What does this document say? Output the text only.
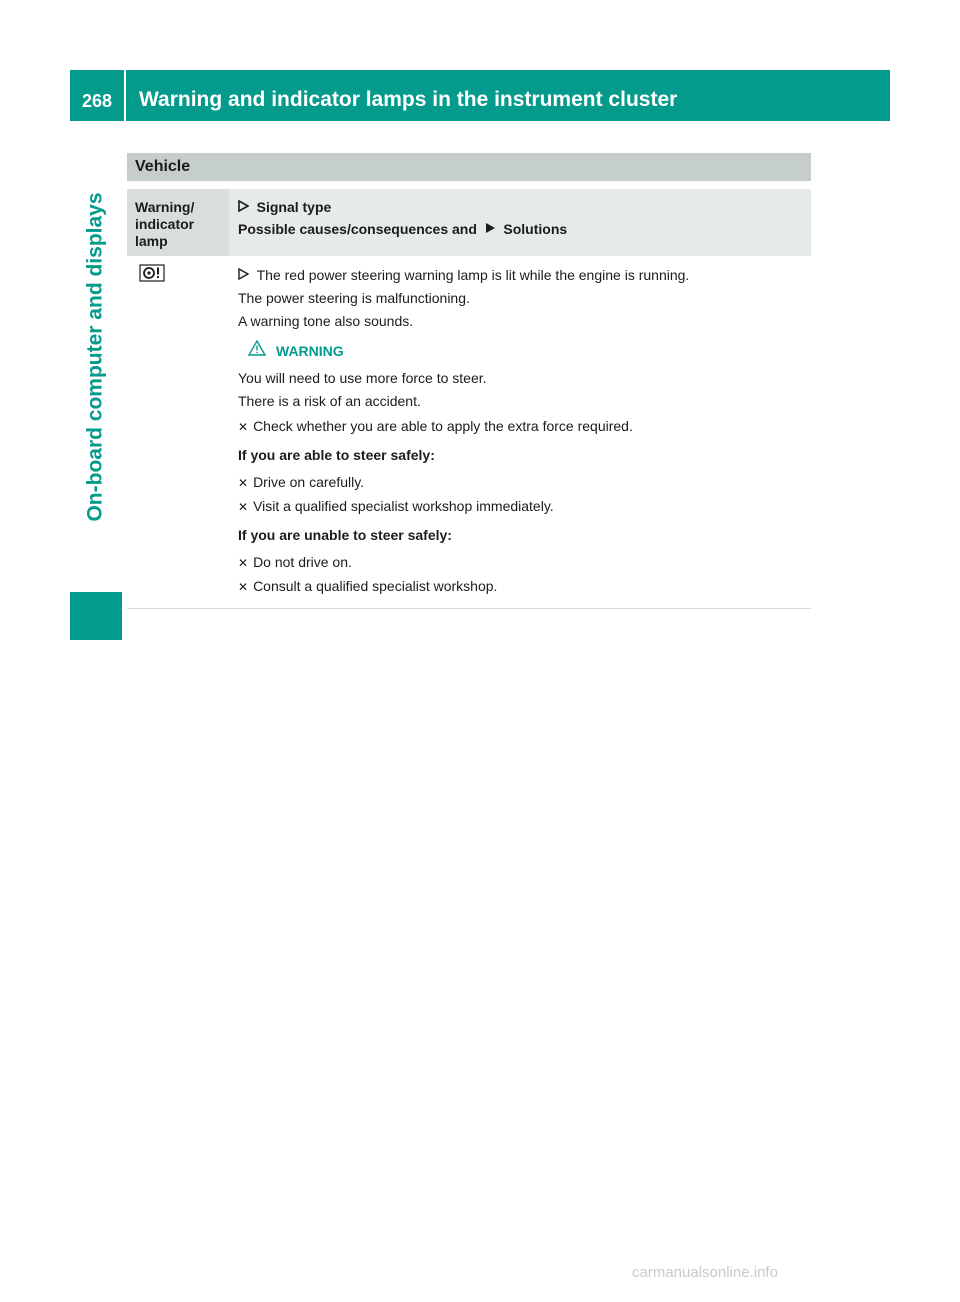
268	Warning and indicator lamps in the instrument cluster
On-board computer and displays
Vehicle
Warning/ indicator lamp
Signal type
Possible causes/consequences and Solutions
The red power steering warning lamp is lit while the engine is running.
The power steering is malfunctioning.
A warning tone also sounds.
WARNING
You will need to use more force to steer.
There is a risk of an accident.
✕ Check whether you are able to apply the extra force required.
If you are able to steer safely:
✕ Drive on carefully.
✕ Visit a qualified specialist workshop immediately.
If you are unable to steer safely:
✕ Do not drive on.
✕ Consult a qualified specialist workshop.
carmanualsonline.info
